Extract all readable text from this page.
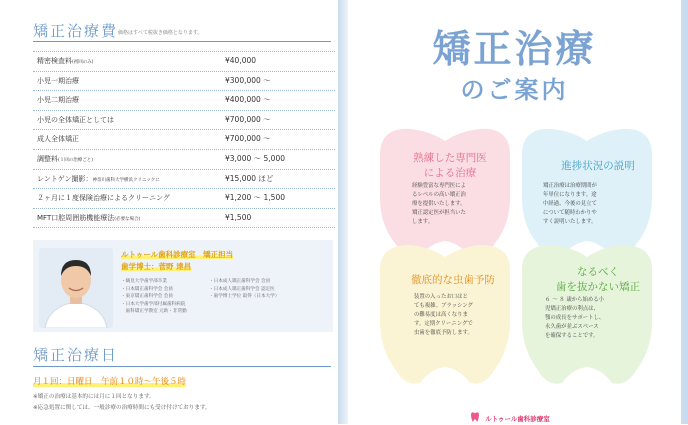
矯正治療費 価格はすべて税抜き価格となります。
精密検査料(初回のみ)	¥40,000
小児一期治療	¥300,000 ～
小児二期治療	¥400,000 ～
小児の全体矯正としては	¥700,000 ～
成人全体矯正	¥700,000 ～
調整料(１回の治療ごと)	¥3,000 ～ 5,000
レントゲン撮影：神奈川歯科大学横浜クリニックに	¥15,000 ほど
２ヶ月に１度保険治療によるクリーニング	¥1,200 ～ 1,500
MFT口腔周囲筋機能療法(必要な場合)	¥1,500
ルトゥール歯科診療室　矯正担当
歯学博士：菅野 達昌
・鶴見大学歯学部卒業
・日本矯正歯科学会 会員
・東京矯正歯科学会 会員
・日本大学歯学部付属歯科病院
　歯科矯正学教室 元助・非常勤
・日本成人矯正歯科学会 会員
・日本成人矯正歯科学会 認定医
・歯学博士学位 取得（日本大学）
矯正治療日
月１回：日曜日　午前１０時～午後５時
※矯正の治療は基本的には月に１回となります。
※応急処置に関しては、一般診療の治療時間にも受け付けております。
矯正治療
のご案内
熟練した専門医
による治療
経験豊富な専門医によ
るレベルの高い矯正治
療を提供いたします。
矯正認定医が担当いた
します。
進捗状況の説明
矯正治療は治療期間が
年単位になります。途
中経過、今後の見立て
について随時わかりや
すく説明いたします。
徹底的な虫歯予防
装置の入ったお口はと
ても複雑。ブラッシング
の難易度は高くなりま
す。定期クリーニングで
虫歯を徹底予防します。
なるべく
歯を抜かない矯正
６ ～ ８ 歳から始める小
児矯正治療の利点は、
顎の成長をサポートし、
永久歯が並ぶスペース
を確保することです。
ルトゥール歯科診療室
